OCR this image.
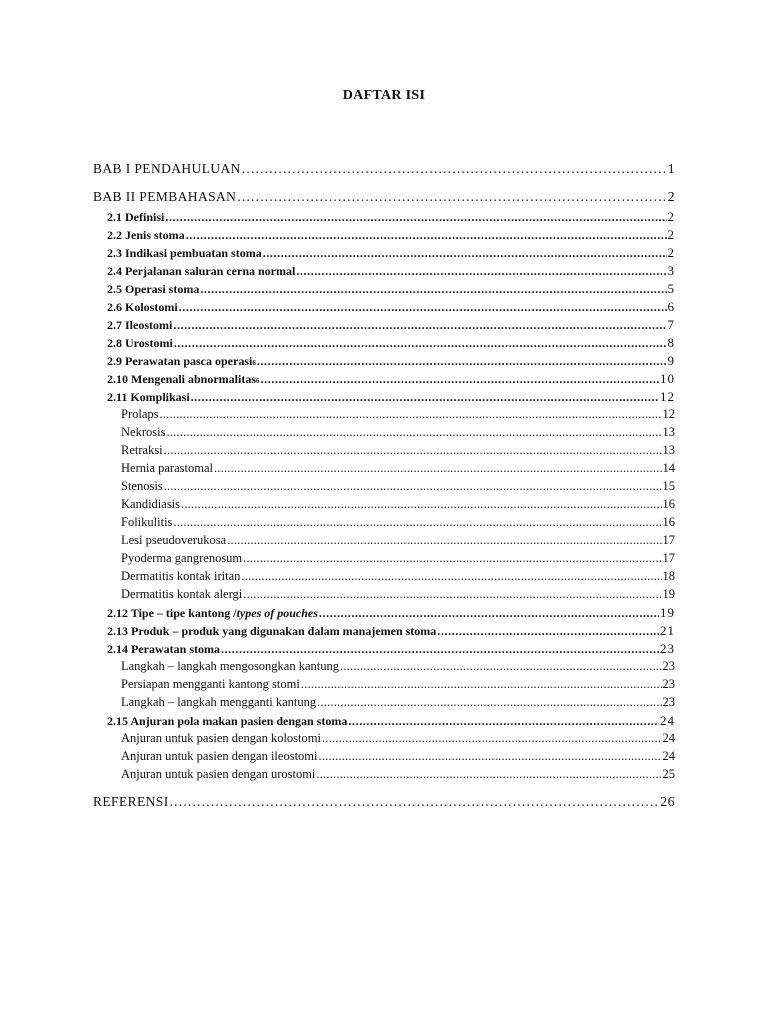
DAFTAR ISI
BAB I PENDAHULUAN .....	1
BAB II PEMBAHASAN .....	2
2.1 Definisi .....	2
2.2 Jenis stoma .....	2
2.3 Indikasi pembuatan stoma .....	2
2.4 Perjalanan saluran cerna normal .....	3
2.5 Operasi stoma .....	5
2.6 Kolostomi .....	6
2.7 Ileostomi .....	7
2.8 Urostomi .....	8
2.9 Perawatan pasca operasi 6 .....	9
2.10 Mengenali abnormalitas 6 .....	10
2.11 Komplikasi .....	12
Prolaps .....	12
Nekrosis .....	13
Retraksi .....	13
Hernia parastomal .....	14
Stenosis .....	15
Kandidiasis .....	16
Folikulitis .....	16
Lesi pseudoverukosa .....	17
Pyoderma gangrenosum .....	17
Dermatitis kontak iritan .....	18
Dermatitis kontak alergi .....	19
2.12 Tipe – tipe kantong / types of pouches .....	19
2.13 Produk – produk yang digunakan dalam manajemen stoma .....	21
2.14 Perawatan stoma .....	23
Langkah – langkah mengosongkan kantung .....	23
Persiapan mengganti kantong stomi .....	23
Langkah – langkah mengganti kantung .....	23
2.15 Anjuran pola makan pasien dengan stoma .....	24
Anjuran untuk pasien dengan kolostomi .....	24
Anjuran untuk pasien dengan ileostomi .....	24
Anjuran untuk pasien dengan urostomi .....	25
REFERENSI .....	26
